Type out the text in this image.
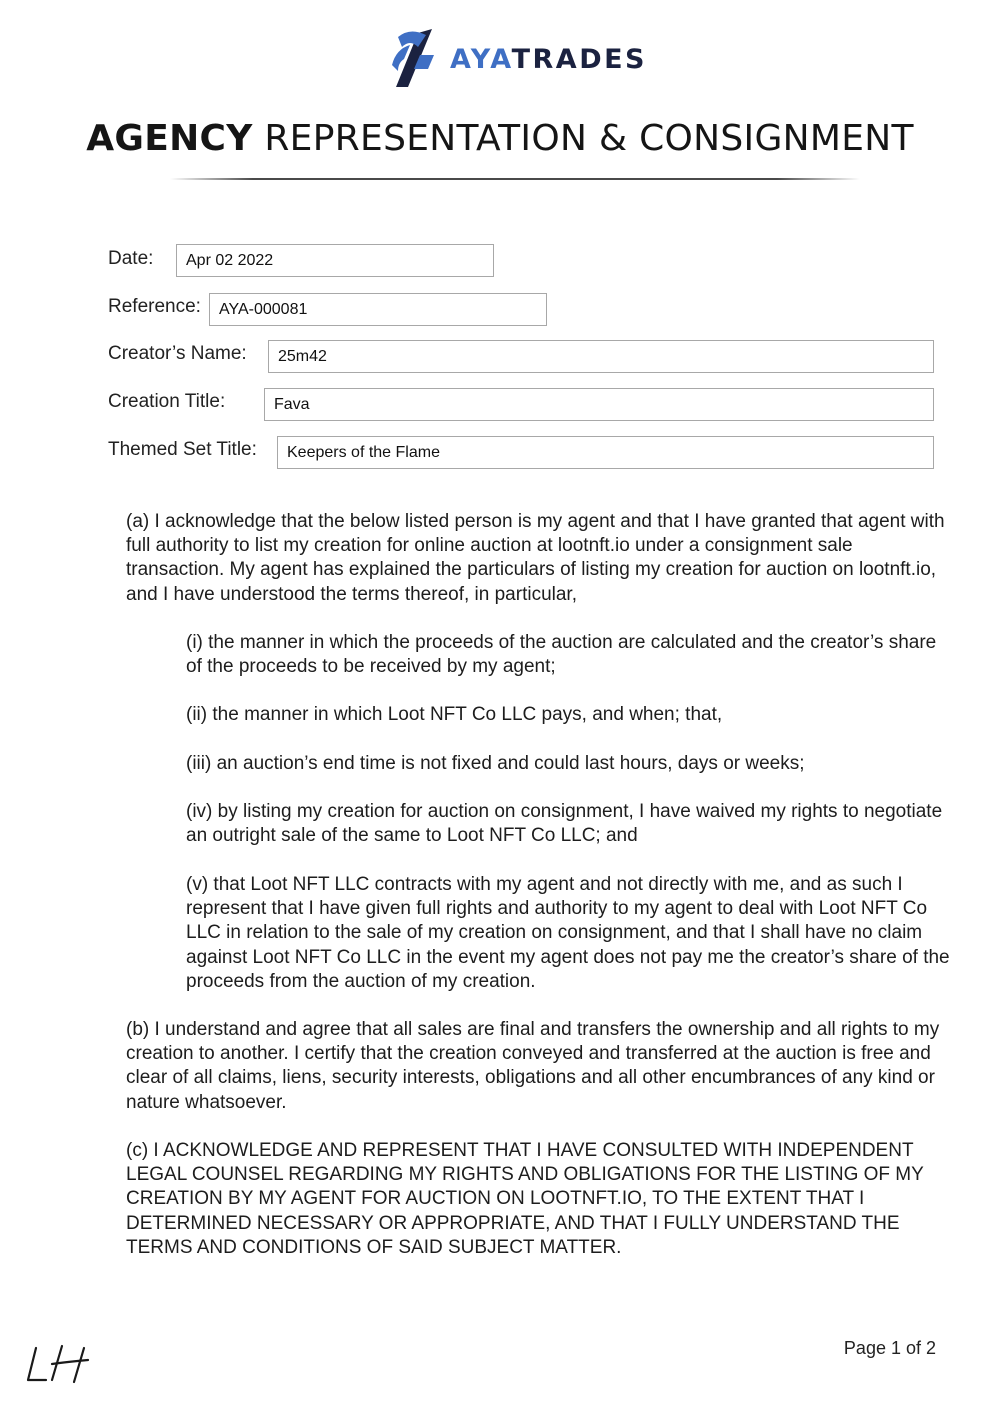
AYATRADES
AGENCY REPRESENTATION & CONSIGNMENT
Date:	Apr 02 2022
Reference:	AYA-000081
Creator’s Name:	25m42
Creation Title:	Fava
Themed Set Title:	Keepers of the Flame

(a) I acknowledge that the below listed person is my agent and that I have granted that agent with full authority to list my creation for online auction at lootnft.io under a consignment sale transaction. My agent has explained the particulars of listing my creation for auction on lootnft.io, and I have understood the terms thereof, in particular,

(i) the manner in which the proceeds of the auction are calculated and the creator’s share of the proceeds to be received by my agent;
(ii) the manner in which Loot NFT Co LLC pays, and when; that,
(iii) an auction’s end time is not fixed and could last hours, days or weeks;
(iv) by listing my creation for auction on consignment, I have waived my rights to negotiate an outright sale of the same to Loot NFT Co LLC; and
(v) that Loot NFT LLC contracts with my agent and not directly with me, and as such I represent that I have given full rights and authority to my agent to deal with Loot NFT Co LLC in relation to the sale of my creation on consignment, and that I shall have no claim against Loot NFT Co LLC in the event my agent does not pay me the creator’s share of the proceeds from the auction of my creation.

(b) I understand and agree that all sales are final and transfers the ownership and all rights to my creation to another. I certify that the creation conveyed and transferred at the auction is free and clear of all claims, liens, security interests, obligations and all other encumbrances of any kind or nature whatsoever.

(c) I ACKNOWLEDGE AND REPRESENT THAT I HAVE CONSULTED WITH INDEPENDENT LEGAL COUNSEL REGARDING MY RIGHTS AND OBLIGATIONS FOR THE LISTING OF MY CREATION BY MY AGENT FOR AUCTION ON LOOTNFT.IO, TO THE EXTENT THAT I DETERMINED NECESSARY OR APPROPRIATE, AND THAT I FULLY UNDERSTAND THE TERMS AND CONDITIONS OF SAID SUBJECT MATTER.

Page 1 of 2
